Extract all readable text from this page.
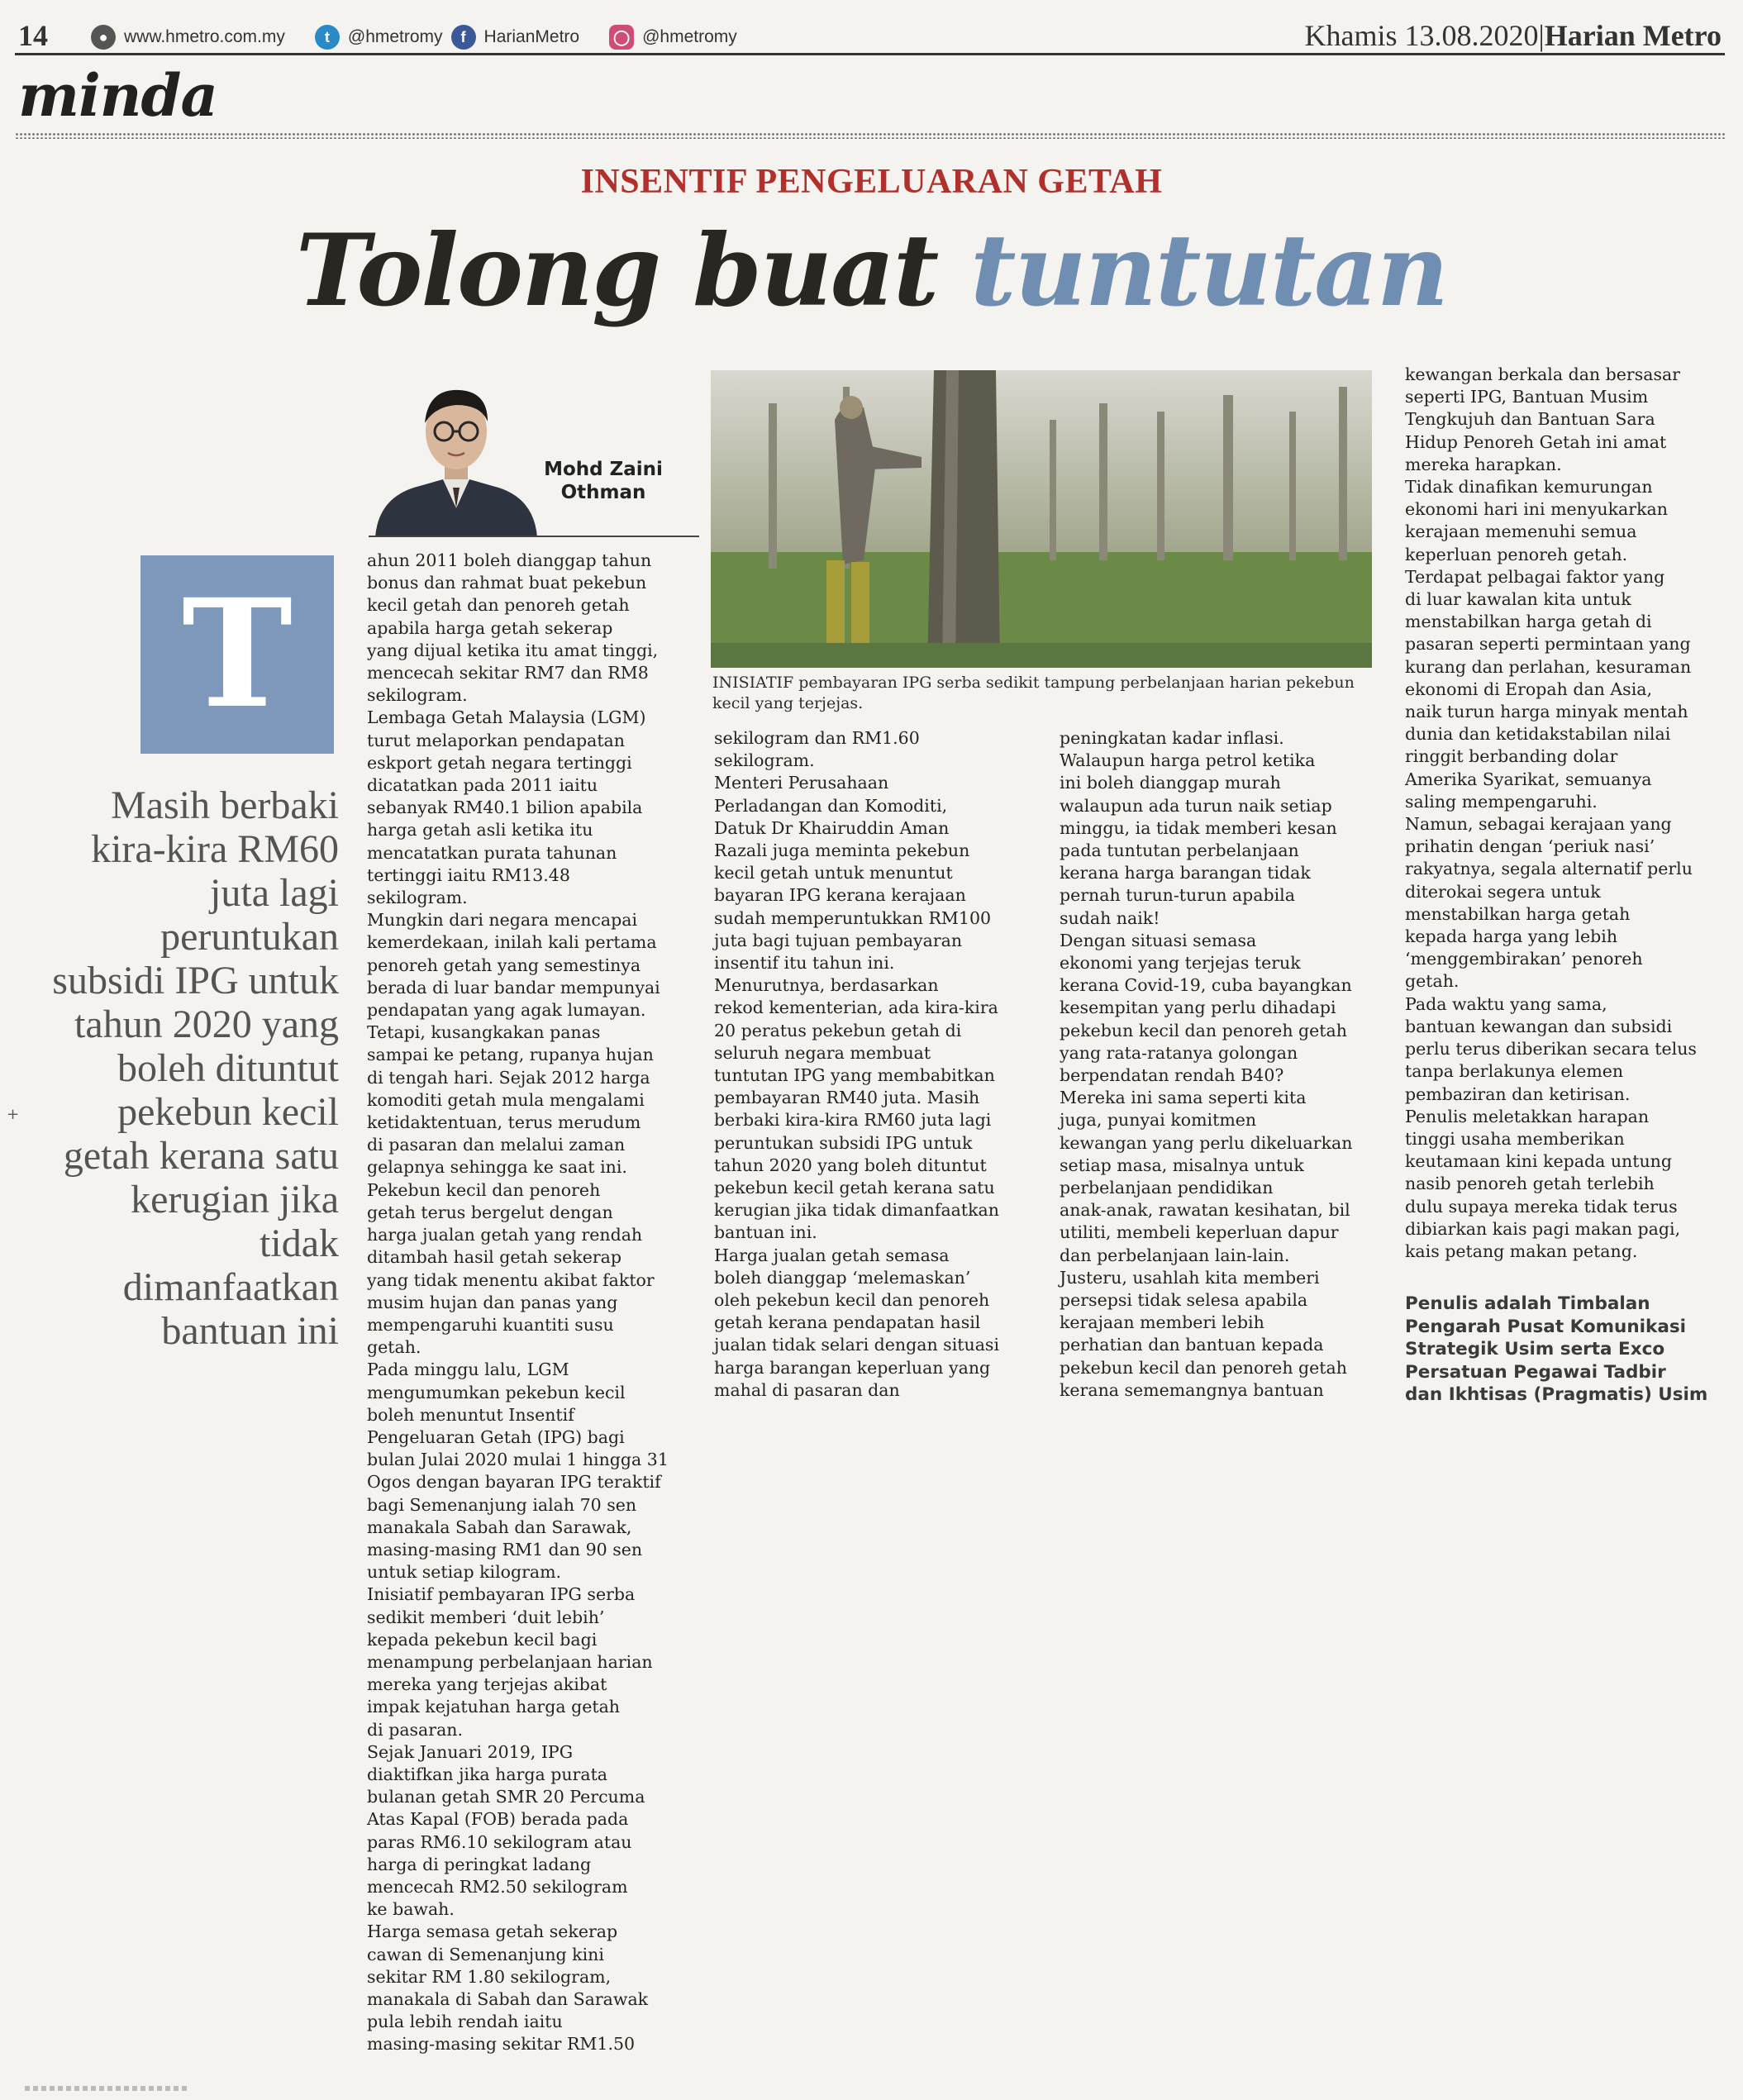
14	● www.hmetro.com.my	t	@hmetromy	f	HarianMetro ◯ @hmetromy	Khamis 13.08.2020|Harian Metro
minda
INSENTIF PENGELUARAN GETAH
Tolong buat tuntutan
Mohd Zaini
Othman
T
Masih berbaki kira-kira RM60 juta lagi peruntukan subsidi IPG untuk tahun 2020 yang boleh dituntut pekebun kecil getah kerana satu kerugian jika tidak dimanfaatkan bantuan ini
INISIATIF pembayaran IPG serba sedikit tampung perbelanjaan harian pekebun kecil yang terjejas.
ahun 2011 boleh dianggap tahun
bonus dan rahmat buat pekebun
kecil getah dan penoreh getah
apabila harga getah sekerap
yang dijual ketika itu amat tinggi,
mencecah sekitar RM7 dan RM8
sekilogram.
Lembaga Getah Malaysia (LGM)
turut melaporkan pendapatan
eskport getah negara tertinggi
dicatatkan pada 2011 iaitu
sebanyak RM40.1 bilion apabila
harga getah asli ketika itu
mencatatkan purata tahunan
tertinggi iaitu RM13.48
sekilogram.
Mungkin dari negara mencapai
kemerdekaan, inilah kali pertama
penoreh getah yang semestinya
berada di luar bandar mempunyai
pendapatan yang agak lumayan.
Tetapi, kusangkakan panas
sampai ke petang, rupanya hujan
di tengah hari. Sejak 2012 harga
komoditi getah mula mengalami
ketidaktentuan, terus merudum
di pasaran dan melalui zaman
gelapnya sehingga ke saat ini.
Pekebun kecil dan penoreh
getah terus bergelut dengan
harga jualan getah yang rendah
ditambah hasil getah sekerap
yang tidak menentu akibat faktor
musim hujan dan panas yang
mempengaruhi kuantiti susu
getah.
Pada minggu lalu, LGM
mengumumkan pekebun kecil
boleh menuntut Insentif
Pengeluaran Getah (IPG) bagi
bulan Julai 2020 mulai 1 hingga 31
Ogos dengan bayaran IPG teraktif
bagi Semenanjung ialah 70 sen
manakala Sabah dan Sarawak,
masing-masing RM1 dan 90 sen
untuk setiap kilogram.
Inisiatif pembayaran IPG serba
sedikit memberi ‘duit lebih’
kepada pekebun kecil bagi
menampung perbelanjaan harian
mereka yang terjejas akibat
impak kejatuhan harga getah
di pasaran.
Sejak Januari 2019, IPG
diaktifkan jika harga purata
bulanan getah SMR 20 Percuma
Atas Kapal (FOB) berada pada
paras RM6.10 sekilogram atau
harga di peringkat ladang
mencecah RM2.50 sekilogram
ke bawah.
Harga semasa getah sekerap
cawan di Semenanjung kini
sekitar RM 1.80 sekilogram,
manakala di Sabah dan Sarawak
pula lebih rendah iaitu
masing-masing sekitar RM1.50
sekilogram dan RM1.60
sekilogram.
Menteri Perusahaan
Perladangan dan Komoditi,
Datuk Dr Khairuddin Aman
Razali juga meminta pekebun
kecil getah untuk menuntut
bayaran IPG kerana kerajaan
sudah memperuntukkan RM100
juta bagi tujuan pembayaran
insentif itu tahun ini.
Menurutnya, berdasarkan
rekod kementerian, ada kira-kira
20 peratus pekebun getah di
seluruh negara membuat
tuntutan IPG yang membabitkan
pembayaran RM40 juta. Masih
berbaki kira-kira RM60 juta lagi
peruntukan subsidi IPG untuk
tahun 2020 yang boleh dituntut
pekebun kecil getah kerana satu
kerugian jika tidak dimanfaatkan
bantuan ini.
Harga jualan getah semasa
boleh dianggap ‘melemaskan’
oleh pekebun kecil dan penoreh
getah kerana pendapatan hasil
jualan tidak selari dengan situasi
harga barangan keperluan yang
mahal di pasaran dan
peningkatan kadar inflasi.
Walaupun harga petrol ketika
ini boleh dianggap murah
walaupun ada turun naik setiap
minggu, ia tidak memberi kesan
pada tuntutan perbelanjaan
kerana harga barangan tidak
pernah turun-turun apabila
sudah naik!
Dengan situasi semasa
ekonomi yang terjejas teruk
kerana Covid-19, cuba bayangkan
kesempitan yang perlu dihadapi
pekebun kecil dan penoreh getah
yang rata-ratanya golongan
berpendatan rendah B40?
Mereka ini sama seperti kita
juga, punyai komitmen
kewangan yang perlu dikeluarkan
setiap masa, misalnya untuk
perbelanjaan pendidikan
anak-anak, rawatan kesihatan, bil
utiliti, membeli keperluan dapur
dan perbelanjaan lain-lain.
Justeru, usahlah kita memberi
persepsi tidak selesa apabila
kerajaan memberi lebih
perhatian dan bantuan kepada
pekebun kecil dan penoreh getah
kerana sememangnya bantuan
kewangan berkala dan bersasar
seperti IPG, Bantuan Musim
Tengkujuh dan Bantuan Sara
Hidup Penoreh Getah ini amat
mereka harapkan.
Tidak dinafikan kemurungan
ekonomi hari ini menyukarkan
kerajaan memenuhi semua
keperluan penoreh getah.
Terdapat pelbagai faktor yang
di luar kawalan kita untuk
menstabilkan harga getah di
pasaran seperti permintaan yang
kurang dan perlahan, kesuraman
ekonomi di Eropah dan Asia,
naik turun harga minyak mentah
dunia dan ketidakstabilan nilai
ringgit berbanding dolar
Amerika Syarikat, semuanya
saling mempengaruhi.
Namun, sebagai kerajaan yang
prihatin dengan ‘periuk nasi’
rakyatnya, segala alternatif perlu
diterokai segera untuk
menstabilkan harga getah
kepada harga yang lebih
‘menggembirakan’ penoreh
getah.
Pada waktu yang sama,
bantuan kewangan dan subsidi
perlu terus diberikan secara telus
tanpa berlakunya elemen
pembaziran dan ketirisan.
Penulis meletakkan harapan
tinggi usaha memberikan
keutamaan kini kepada untung
nasib penoreh getah terlebih
dulu supaya mereka tidak terus
dibiarkan kais pagi makan pagi,
kais petang makan petang.
Penulis adalah Timbalan
Pengarah Pusat Komunikasi
Strategik Usim serta Exco
Persatuan Pegawai Tadbir
dan Ikhtisas (Pragmatis) Usim
+
